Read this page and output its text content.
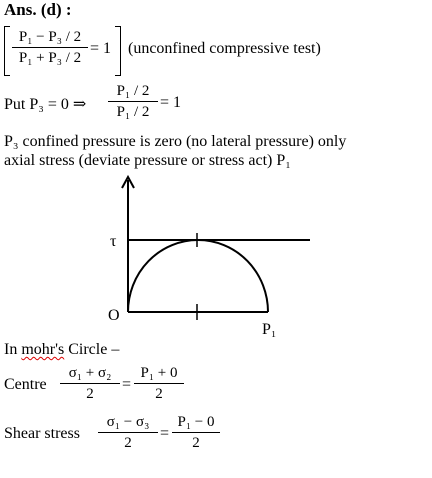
Ans. (d) :
P₁ − P₃ / 2
P₁ + P₃ / 2
= 1 (unconfined compressive test)
Put P₃ = 0 ⇒
P₁ / 2
P₁ / 2
= 1
P₃ confined pressure is zero (no lateral pressure) only
axial stress (deviate pressure or stress act) P₁
τ
O
P₁
In mohr's Circle –
Centre
σ₁ + σ₂
2
=
P₁ + 0
2
Shear stress
σ₁ − σ₃
2
=
P₁ − 0
2
